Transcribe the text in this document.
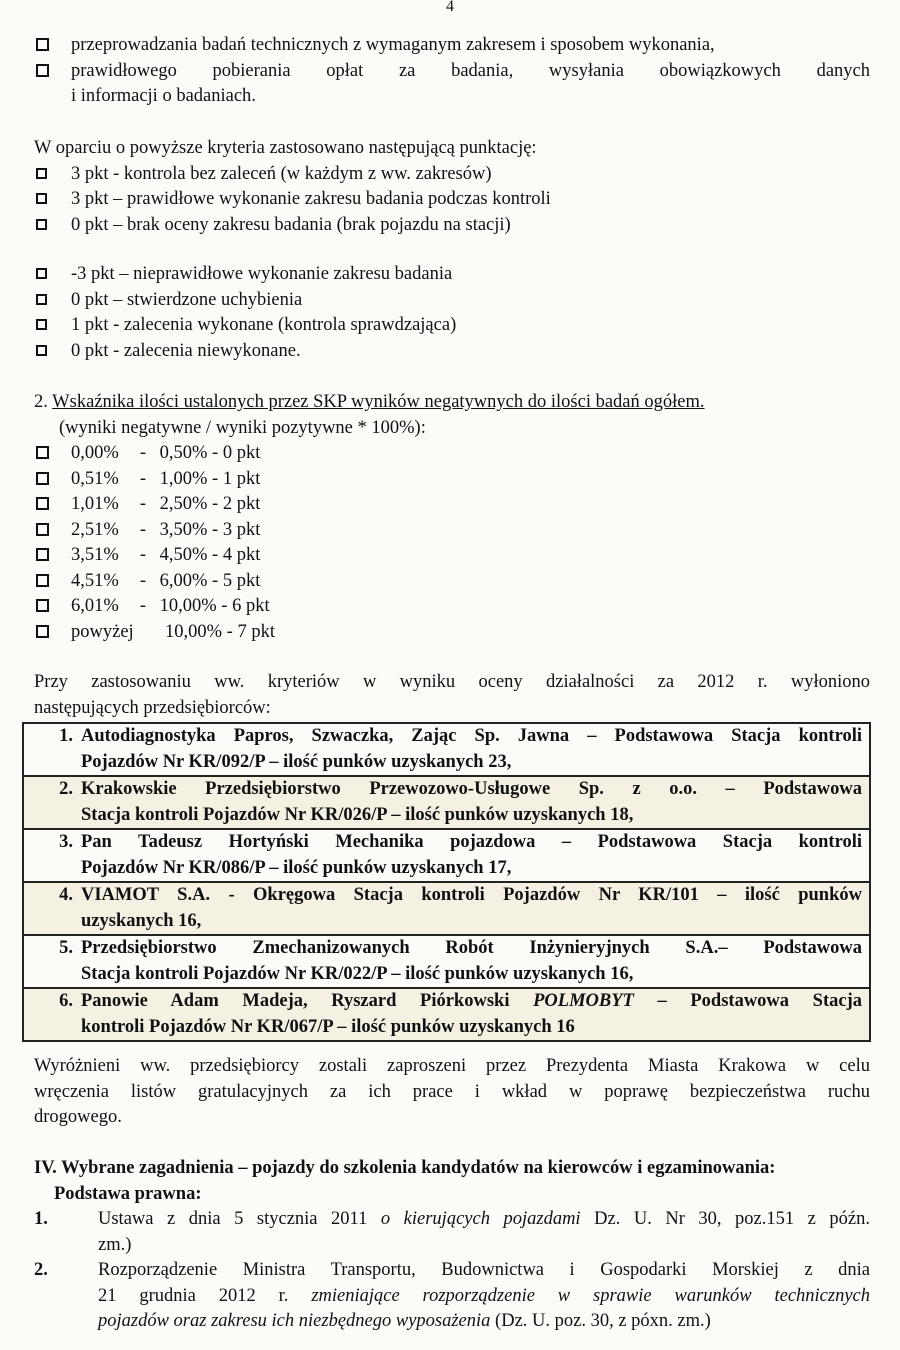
4
przeprowadzania badań technicznych z wymaganym zakresem i sposobem wykonania,
prawidłowego pobierania opłat za badania, wysyłania obowiązkowych danych
i informacji o badaniach.
W oparciu o powyższe kryteria zastosowano następującą punktację:
3 pkt - kontrola bez zaleceń (w każdym z ww. zakresów)
3 pkt – prawidłowe wykonanie zakresu badania podczas kontroli
0 pkt – brak oceny zakresu badania (brak pojazdu na stacji)
-3 pkt – nieprawidłowe wykonanie zakresu badania
0 pkt – stwierdzone uchybienia
1 pkt - zalecenia wykonane (kontrola sprawdzająca)
0 pkt - zalecenia niewykonane.
2. Wskaźnika ilości ustalonych przez SKP wyników negatywnych do ilości badań ogółem.
(wyniki negatywne / wyniki pozytywne * 100%):
0,00% - 0,50% - 0 pkt
0,51% - 1,00% - 1 pkt
1,01% - 2,50% - 2 pkt
2,51% - 3,50% - 3 pkt
3,51% - 4,50% - 4 pkt
4,51% - 6,00% - 5 pkt
6,01% - 10,00% - 6 pkt
powyżej 10,00% - 7 pkt
Przy zastosowaniu ww. kryteriów w wyniku oceny działalności za 2012 r. wyłoniono
następujących przedsiębiorców:
1. Autodiagnostyka Papros, Szwaczka, Zając Sp. Jawna – Podstawowa Stacja kontroli
Pojazdów Nr KR/092/P – ilość punków uzyskanych 23,

2. Krakowskie Przedsiębiorstwo Przewozowo-Usługowe Sp. z o.o. – Podstawowa
Stacja kontroli Pojazdów Nr KR/026/P – ilość punków uzyskanych 18,

3. Pan Tadeusz Hortyński Mechanika pojazdowa – Podstawowa Stacja kontroli
Pojazdów Nr KR/086/P – ilość punków uzyskanych 17,

4. VIAMOT S.A. - Okręgowa Stacja kontroli Pojazdów Nr KR/101 – ilość punków
uzyskanych 16,

5. Przedsiębiorstwo Zmechanizowanych Robót Inżynieryjnych S.A.– Podstawowa
Stacja kontroli Pojazdów Nr KR/022/P – ilość punków uzyskanych 16,

6. Panowie Adam Madeja, Ryszard Piórkowski POLMOBYT – Podstawowa Stacja
kontroli Pojazdów Nr KR/067/P – ilość punków uzyskanych 16
Wyróżnieni ww. przedsiębiorcy zostali zaproszeni przez Prezydenta Miasta Krakowa w celu
wręczenia listów gratulacyjnych za ich prace i wkład w poprawę bezpieczeństwa ruchu
drogowego.
IV. Wybrane zagadnienia – pojazdy do szkolenia kandydatów na kierowców i egzaminowania:
Podstawa prawna:
1.	Ustawa z dnia 5 stycznia 2011 o kierujących pojazdami Dz. U. Nr 30, poz.151 z późn.
zm.)
2.	Rozporządzenie Ministra Transportu, Budownictwa i Gospodarki Morskiej z dnia
21 grudnia 2012 r. zmieniające rozporządzenie w sprawie warunków technicznych
pojazdów oraz zakresu ich niezbędnego wyposażenia (Dz. U. poz. 30, z póxn. zm.)
